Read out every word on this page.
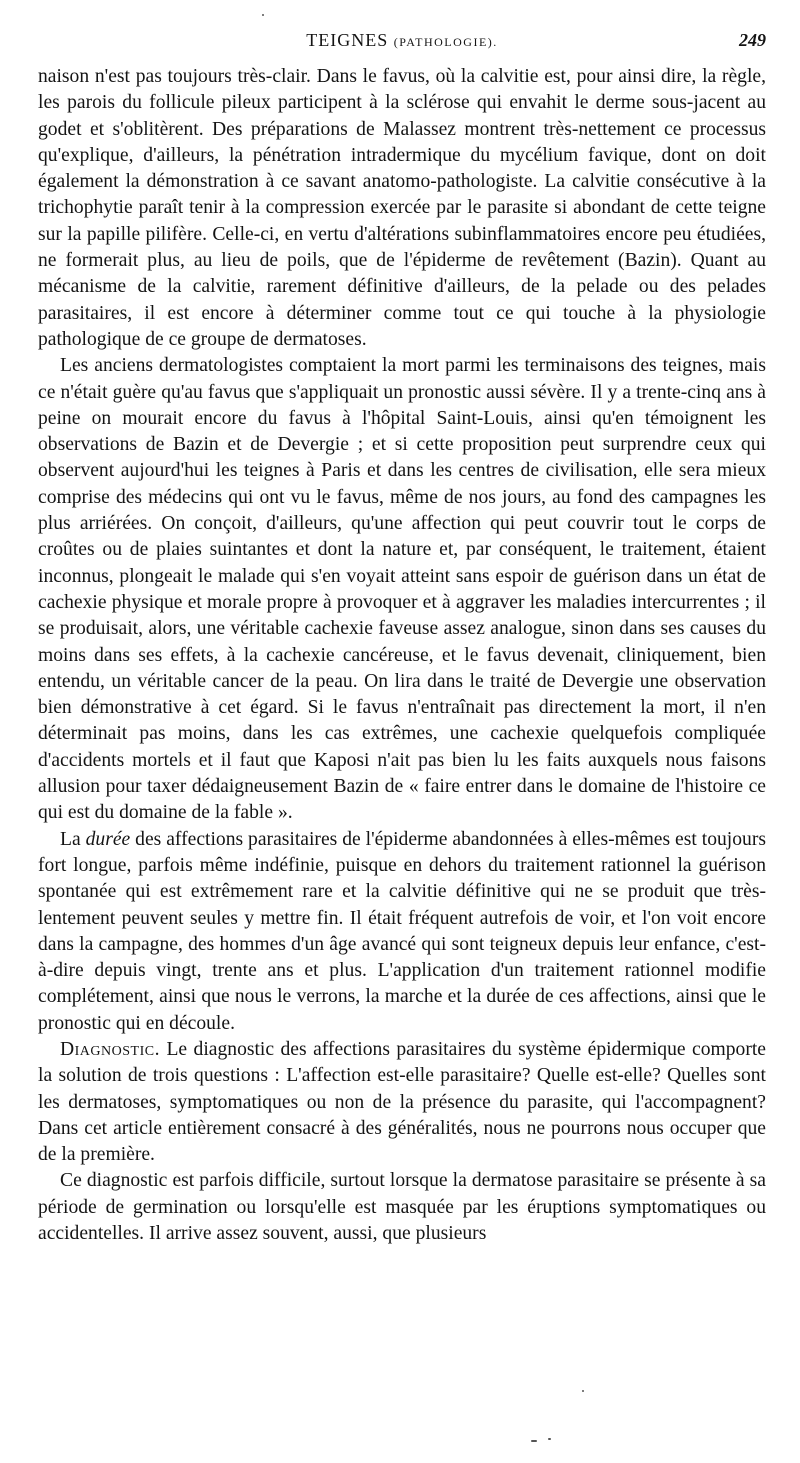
TEIGNES (PATHOLOGIE).	249

naison n'est pas toujours très-clair. Dans le favus, où la calvitie est, pour ainsi dire, la règle, les parois du follicule pileux participent à la sclérose qui envahit le derme sous-jacent au godet et s'oblitèrent. Des préparations de Malassez montrent très-nettement ce processus qu'explique, d'ailleurs, la pénétration intradermique du mycélium favique, dont on doit également la démonstration à ce savant anatomo-pathologiste. La calvitie consécutive à la trichophytie paraît tenir à la compression exercée par le parasite si abondant de cette teigne sur la papille pilifère. Celle-ci, en vertu d'altérations subinflammatoires encore peu étudiées, ne formerait plus, au lieu de poils, que de l'épiderme de revêtement (Bazin). Quant au mécanisme de la calvitie, rarement définitive d'ailleurs, de la pelade ou des pelades parasitaires, il est encore à déterminer comme tout ce qui touche à la physiologie pathologique de ce groupe de dermatoses.

Les anciens dermatologistes comptaient la mort parmi les terminaisons des teignes, mais ce n'était guère qu'au favus que s'appliquait un pronostic aussi sévère. Il y a trente-cinq ans à peine on mourait encore du favus à l'hôpital Saint-Louis, ainsi qu'en témoignent les observations de Bazin et de Devergie ; et si cette proposition peut surprendre ceux qui observent aujourd'hui les teignes à Paris et dans les centres de civilisation, elle sera mieux comprise des médecins qui ont vu le favus, même de nos jours, au fond des campagnes les plus arriérées. On conçoit, d'ailleurs, qu'une affection qui peut couvrir tout le corps de croûtes ou de plaies suintantes et dont la nature et, par conséquent, le traitement, étaient inconnus, plongeait le malade qui s'en voyait atteint sans espoir de guérison dans un état de cachexie physique et morale propre à provoquer et à aggraver les maladies intercurrentes ; il se produisait, alors, une véritable cachexie faveuse assez analogue, sinon dans ses causes du moins dans ses effets, à la cachexie cancéreuse, et le favus devenait, cliniquement, bien entendu, un véritable cancer de la peau. On lira dans le traité de Devergie une observation bien démonstrative à cet égard. Si le favus n'entraînait pas directement la mort, il n'en déterminait pas moins, dans les cas extrêmes, une cachexie quelquefois compliquée d'accidents mortels et il faut que Kaposi n'ait pas bien lu les faits auxquels nous faisons allusion pour taxer dédaigneusement Bazin de « faire entrer dans le domaine de l'histoire ce qui est du domaine de la fable ».

La durée des affections parasitaires de l'épiderme abandonnées à elles-mêmes est toujours fort longue, parfois même indéfinie, puisque en dehors du traitement rationnel la guérison spontanée qui est extrêmement rare et la calvitie définitive qui ne se produit que très-lentement peuvent seules y mettre fin. Il était fréquent autrefois de voir, et l'on voit encore dans la campagne, des hommes d'un âge avancé qui sont teigneux depuis leur enfance, c'est-à-dire depuis vingt, trente ans et plus. L'application d'un traitement rationnel modifie complétement, ainsi que nous le verrons, la marche et la durée de ces affections, ainsi que le pronostic qui en découle.

Diagnostic. Le diagnostic des affections parasitaires du système épidermique comporte la solution de trois questions : L'affection est-elle parasitaire? Quelle est-elle? Quelles sont les dermatoses, symptomatiques ou non de la présence du parasite, qui l'accompagnent? Dans cet article entièrement consacré à des généralités, nous ne pourrons nous occuper que de la première.

Ce diagnostic est parfois difficile, surtout lorsque la dermatose parasitaire se présente à sa période de germination ou lorsqu'elle est masquée par les éruptions symptomatiques ou accidentelles. Il arrive assez souvent, aussi, que plusieurs
